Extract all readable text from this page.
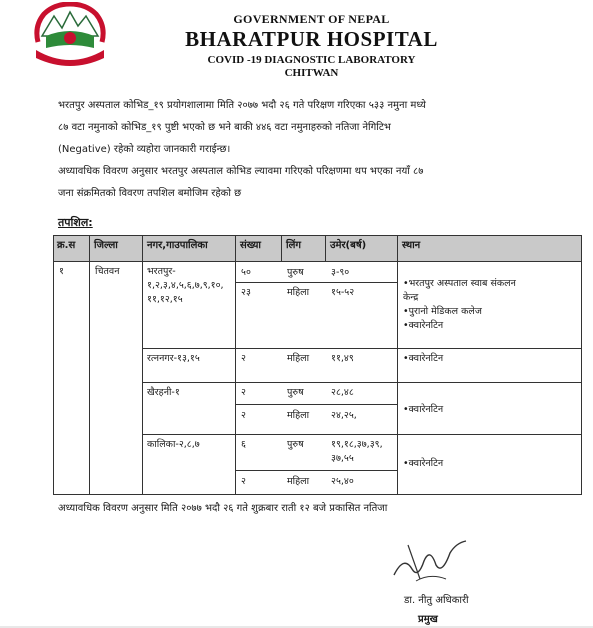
~~~~~~
GOVERNMENT OF NEPAL
BHARATPUR HOSPITAL
COVID -19 DIAGNOSTIC LABORATORY
CHITWAN
भरतपुर अस्पताल कोभिड_१९ प्रयोगशालामा मिति २०७७ भदौ २६ गते परिक्षण गरिएका ५३३ नमुना मध्ये
८७ वटा नमुनाको कोभिड_१९ पुष्टी भएको छ भने बाकी ४४६ वटा नमुनाहरुको नतिजा नेगिटिभ
(Negative) रहेको व्यहोरा जानकारी गराईन्छ।
अध्यावधिक विवरण अनुसार भरतपुर अस्पताल कोभिड ल्यावमा गरिएको परिक्षणमा थप भएका नयाँ ८७
जना संक्रमितको विवरण तपशिल बमोजिम रहेको छ
तपशिल:
क्र.स	जिल्ला	नगर,गाउपालिका	संख्या	लिंग	उमेर(बर्ष)	स्थान
१	चितवन	भरतपुर-
१,२,३,४,५,६,७,९,१०,
११,१२,१५
५०	पुरुष	३-९०
२३	महिला १५-५२
•भरतपुर अस्पताल स्वाब संकलन
केन्द्र
•पुरानो मेडिकल कलेज
•क्वारेनटिन
रत्ननगर-१३,१५	२	महिला ११,४९	•क्वारेनटिन
खैरहनी-१	२	पुरुष	२८,४८
२	महिला २४,२५,
•क्वारेनटिन
कालिका-२,८,७	६	पुरुष	१९,१८,३७,३९,
३७,५५
२	महिला २५,४०
•क्वारेनटिन
अध्यावधिक विवरण अनुसार मिति २०७७ भदौ २६ गते शुक्रबार राती १२ बजे प्रकासित नतिजा
डा. नीतु अधिकारी
प्रमुख
